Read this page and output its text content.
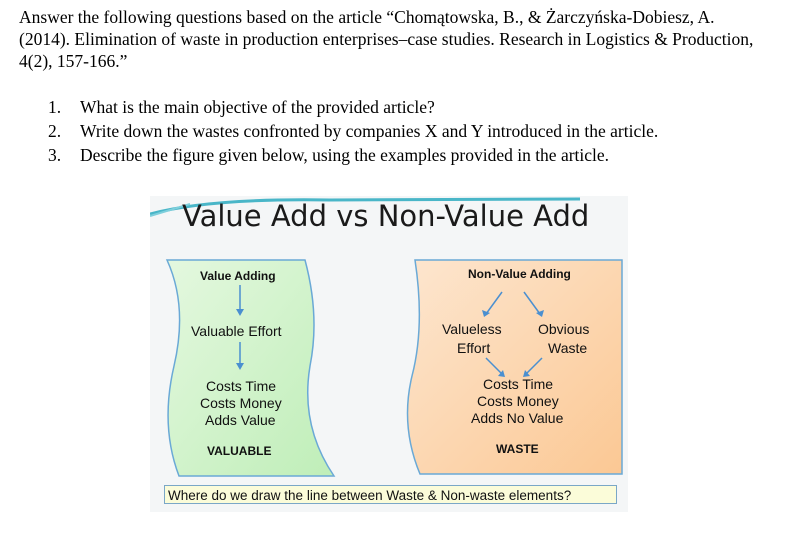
Answer the following questions based on the article “Chomątowska, B., & Żarczyńska-Dobiesz, A. (2014). Elimination of waste in production enterprises–case studies. Research in Logistics & Production, 4(2), 157-166.”

1.	What is the main objective of the provided article?
2.	Write down the wastes confronted by companies X and Y introduced in the article.
3.	Describe the figure given below, using the examples provided in the article.
Value Add vs Non-Value Add
Value Adding
Valuable Effort
Costs Time
Costs Money
Adds Value
VALUABLE
Non-Value Adding
Valueless
Effort
Obvious
Waste
Costs Time
Costs Money
Adds No Value
WASTE
Where do we draw the line between Waste & Non-waste elements?
